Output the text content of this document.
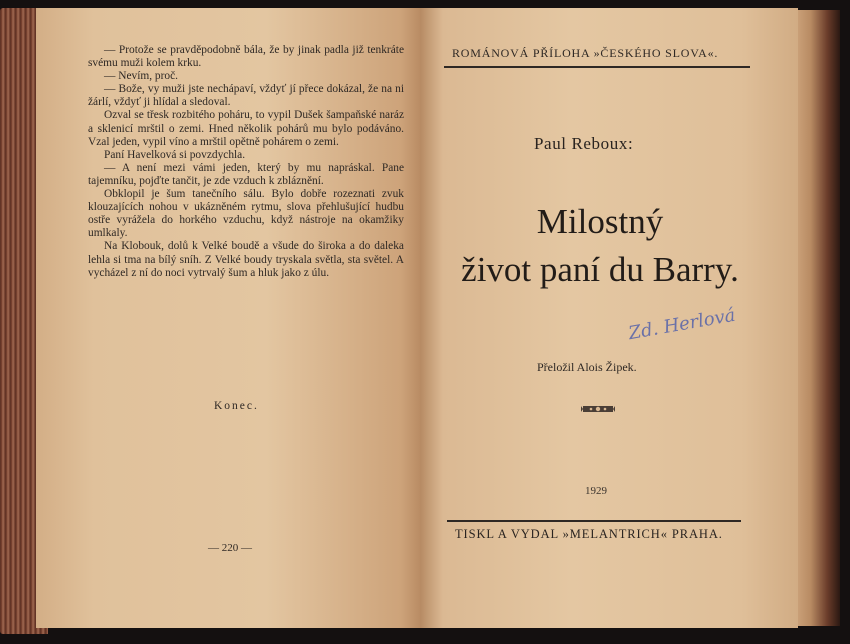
— Protože se pravděpodobně bála, že by jinak padla již tenkráte svému muži kolem krku.

— Nevím, proč.

— Bože, vy muži jste nechápaví, vždyť jí přece dokázal, že na ni žárlí, vždyť ji hlídal a sledoval.

Ozval se třesk rozbitého poháru, to vypil Dušek šampaňské naráz a sklenicí mrštil o zemi. Hned několik pohárů mu bylo podáváno. Vzal jeden, vypil víno a mrštil opětně pohárem o zemi.

Paní Havelková si povzdychla.

— A není mezi vámi jeden, který by mu napráskal. Pane tajemníku, pojďte tančit, je zde vzduch k zbláznění.

Obklopil je šum tanečního sálu. Bylo dobře rozeznati zvuk klouzajících nohou v ukázněném rytmu, slova přehlušující hudbu ostře vyrážela do horkého vzduchu, když nástroje na okamžiky umlkaly.

Na Klobouk, dolů k Velké boudě a všude do široka a do daleka lehla si tma na bílý sníh. Z Velké boudy tryskala světla, sta světel. A vycházel z ní do noci vytrvalý šum a hluk jako z úlu.

Konec.
— 220 —
ROMÁNOVÁ PŘÍLOHA »ČESKÉHO SLOVA«.
Paul Reboux:
Milostný
život paní du Barry.
Zd. Herlová
Přeložil Alois Žipek.
1929
TISKL A VYDAL »MELANTRICH« PRAHA.
